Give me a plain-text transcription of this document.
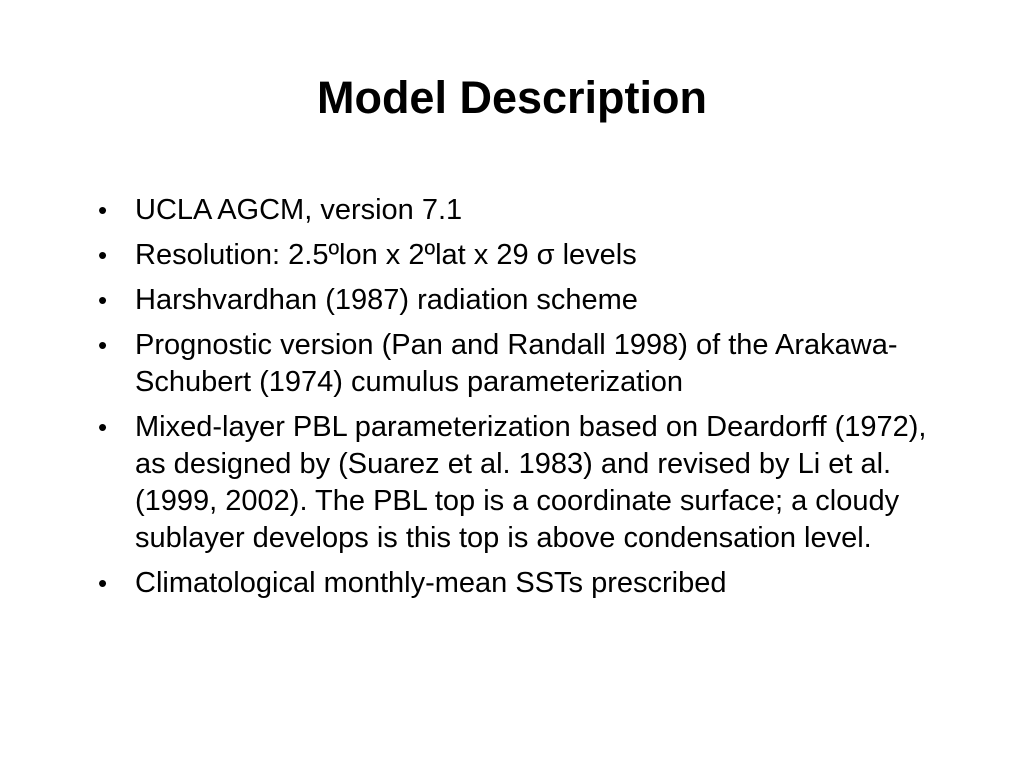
Model Description
• UCLA AGCM, version 7.1
• Resolution: 2.5ºlon x 2ºlat x 29 σ levels
• Harshvardhan (1987) radiation scheme
• Prognostic version (Pan and Randall 1998) of the Arakawa-Schubert (1974) cumulus parameterization
• Mixed-layer PBL parameterization based on Deardorff (1972), as designed by (Suarez et al. 1983) and revised by Li et al. (1999, 2002). The PBL top is a coordinate surface; a cloudy sublayer develops is this top is above condensation level.
• Climatological monthly-mean SSTs prescribed
